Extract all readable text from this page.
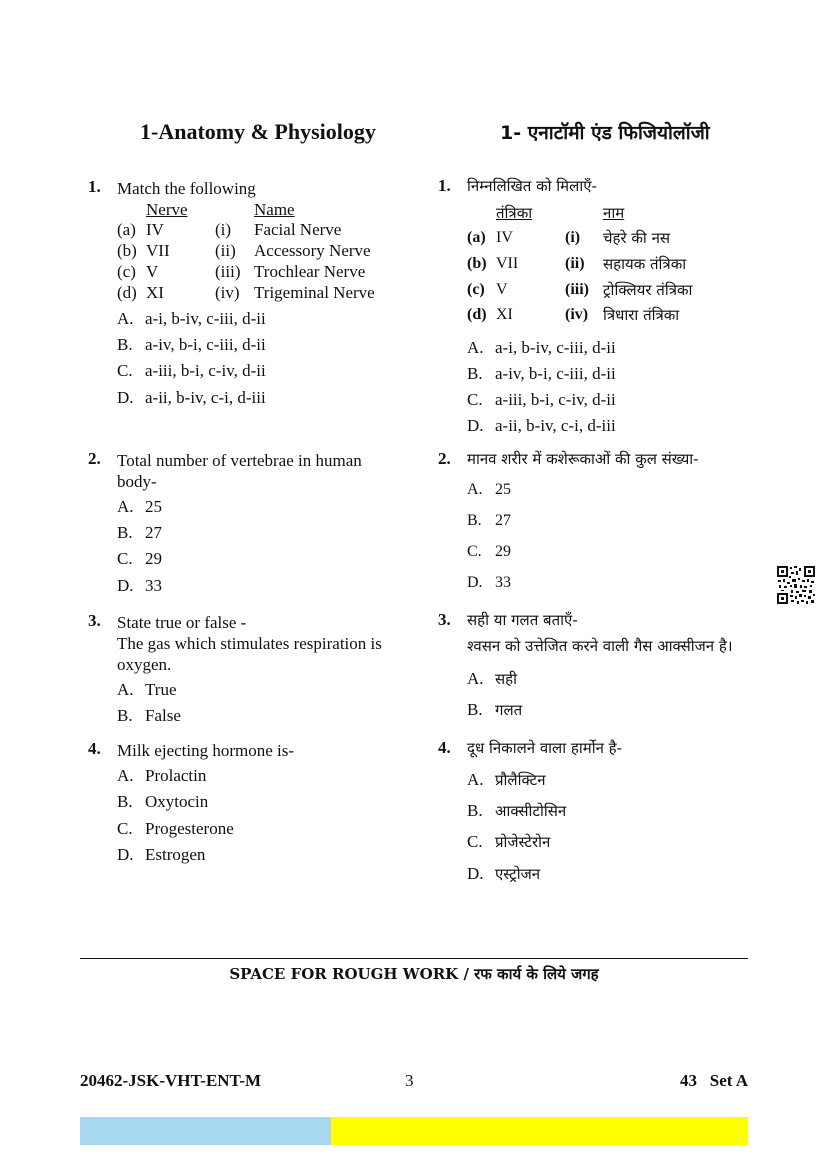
1-Anatomy & Physiology	1- एनाटॉमी एंड फिजियोलॉजी
1. Match the following
Nerve	Name
(a) IV	(i) Facial Nerve
(b) VII	(ii) Accessory Nerve
(c) V	(iii) Trochlear Nerve
(d) XI	(iv) Trigeminal Nerve
A. a-i, b-iv, c-iii, d-ii
B. a-iv, b-i, c-iii, d-ii
C. a-iii, b-i, c-iv, d-ii
D. a-ii, b-iv, c-i, d-iii
2. Total number of vertebrae in human
body-
A. 25
B. 27
C. 29
D. 33
3. State true or false -
The gas which stimulates respiration is
oxygen.
A. True
B. False
4. Milk ejecting hormone is-
A. Prolactin
B. Oxytocin
C. Progesterone
D. Estrogen
1. निम्नलिखित को मिलाएँ-
तंत्रिका	नाम
(a) IV	(i) चेहरे की नस
(b) VII	(ii) सहायक तंत्रिका
(c) V	(iii) ट्रोक्लियर तंत्रिका
(d) XI	(iv) त्रिधारा तंत्रिका
A. a-i, b-iv, c-iii, d-ii
B. a-iv, b-i, c-iii, d-ii
C. a-iii, b-i, c-iv, d-ii
D. a-ii, b-iv, c-i, d-iii
2. मानव शरीर में कशेरूकाओं की कुल संख्या-
A. 25
B. 27
C. 29
D. 33
3. सही या गलत बताएँ-
श्वसन को उत्तेजित करने वाली गैस आक्सीजन है।
A. सही
B. गलत
4. दूध निकालने वाला हार्मोन है-
A. प्रौलैक्टिन
B. आक्सीटोसिन
C. प्रोजेस्टेरोन
D. एस्ट्रोजन
SPACE FOR ROUGH WORK / रफ कार्य के लिये जगह
20462-JSK-VHT-ENT-M	3	43   Set A
